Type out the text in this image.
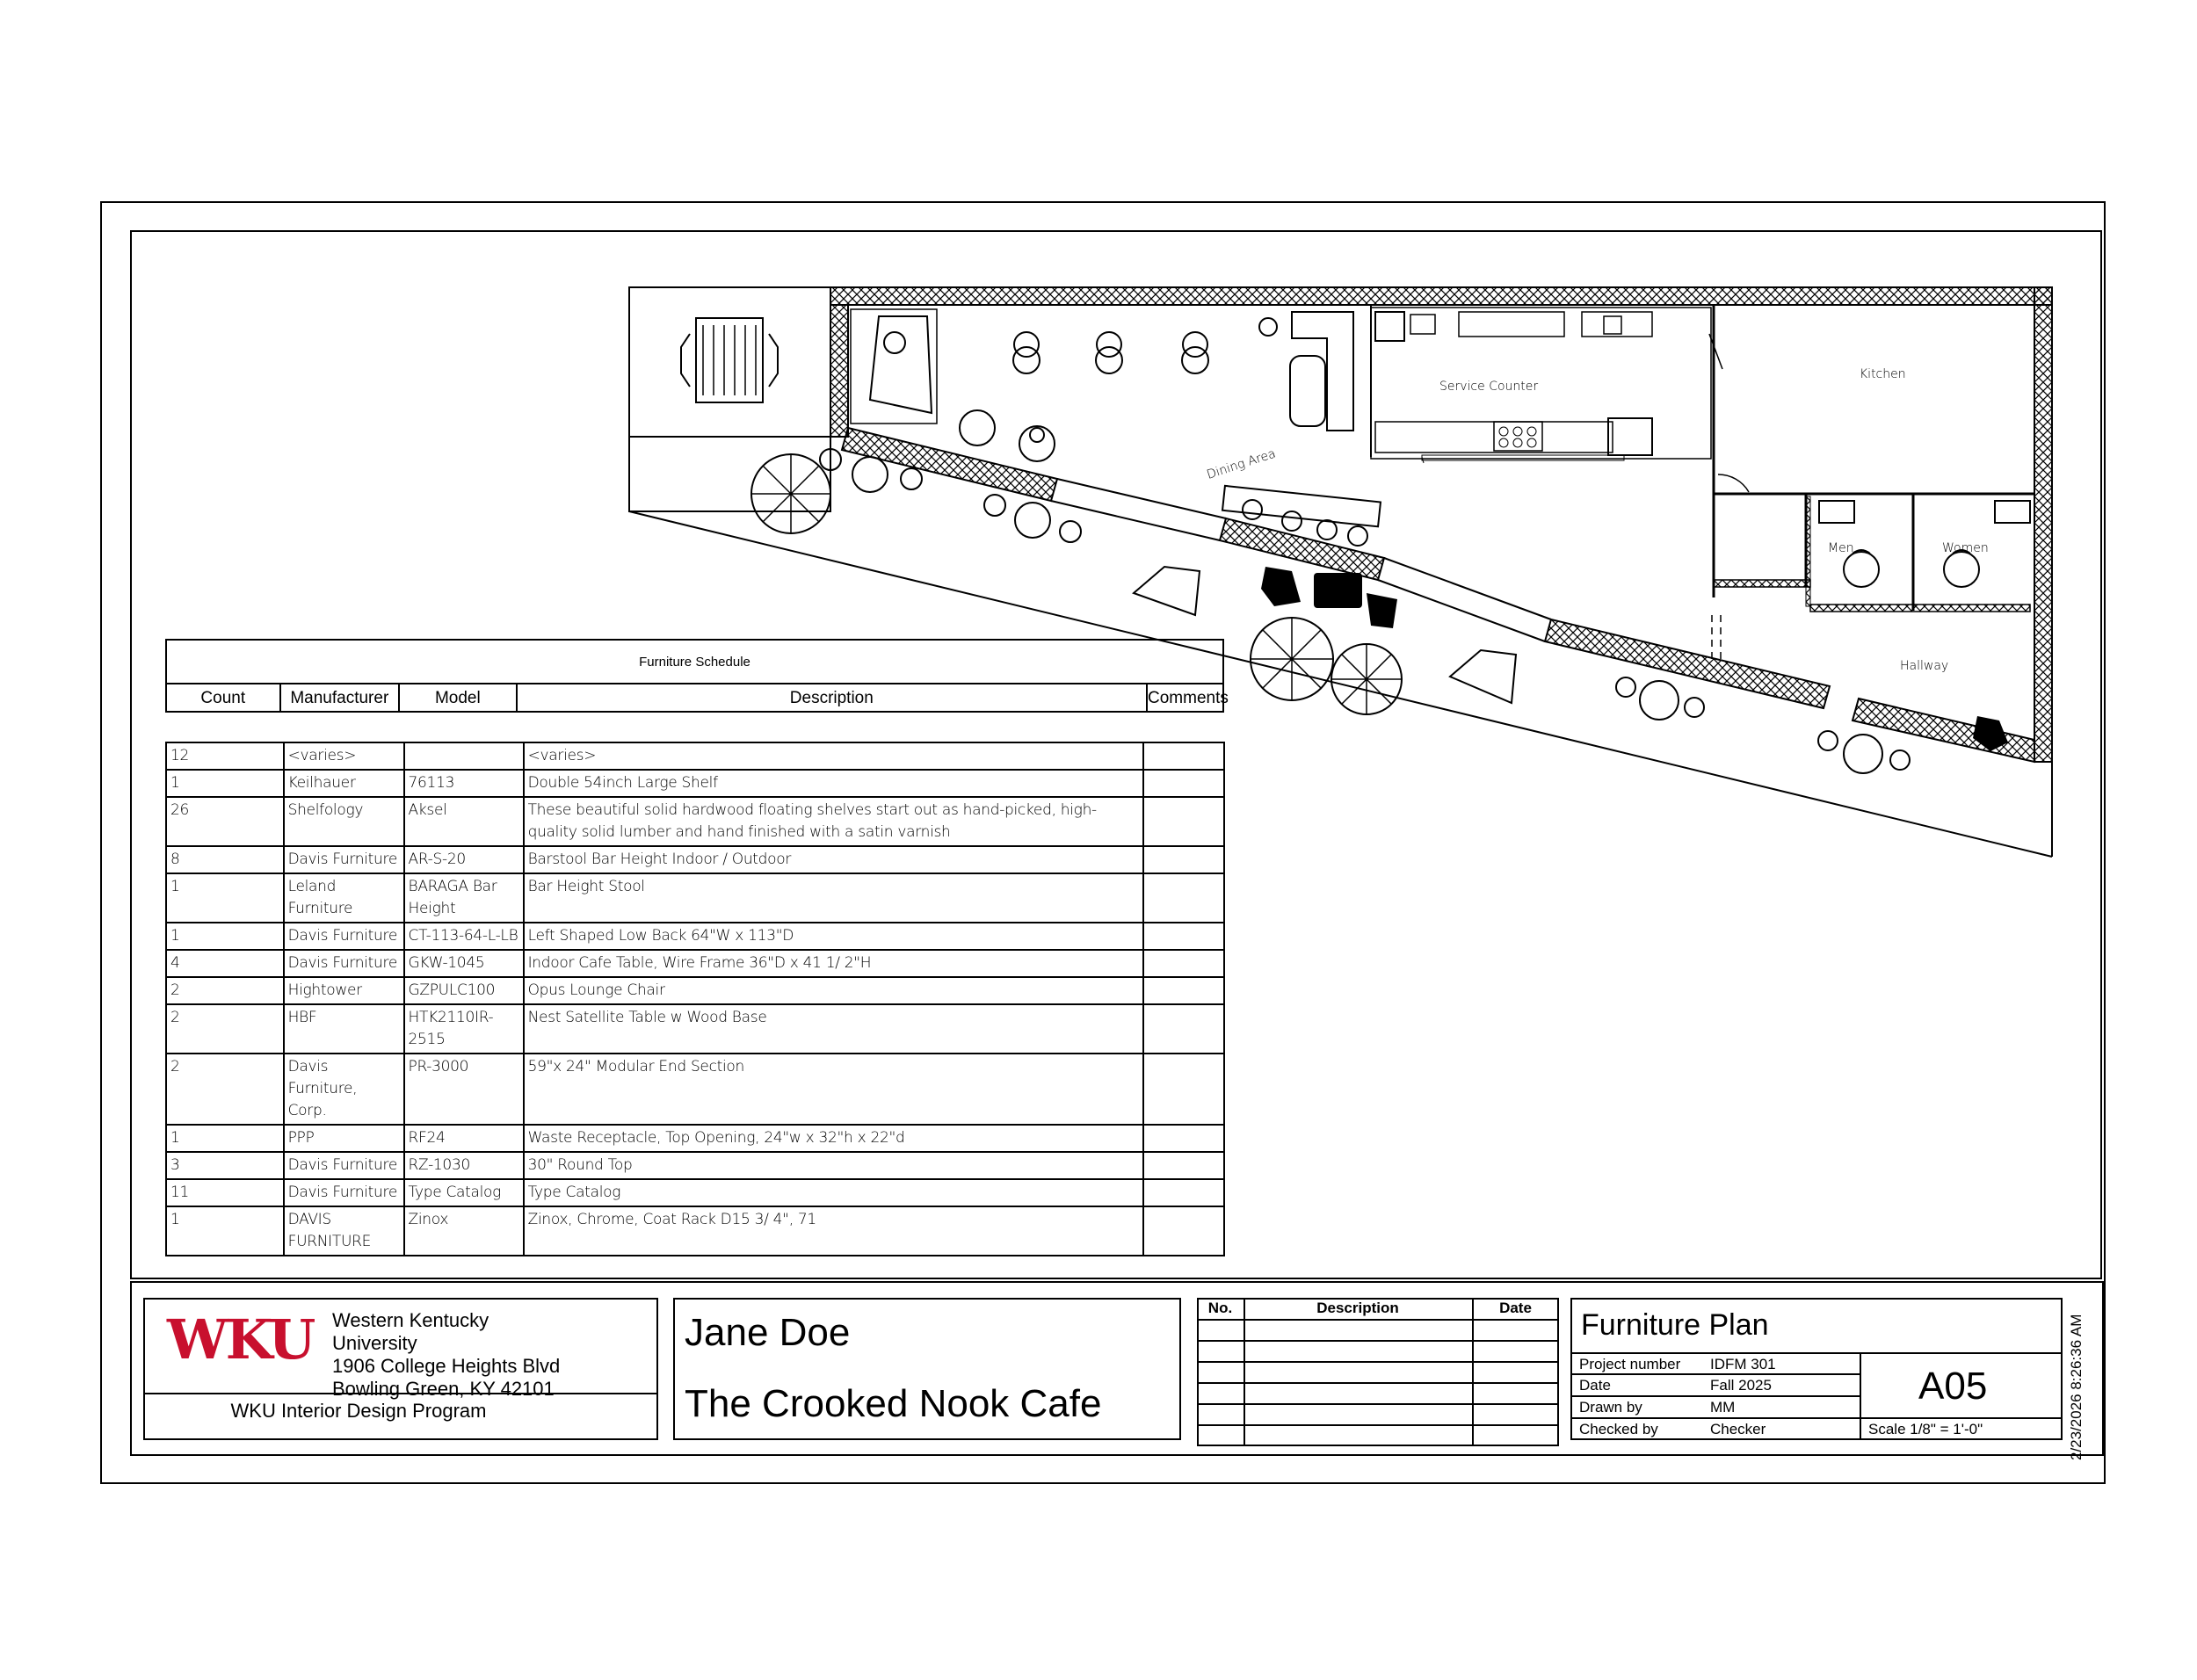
Service Counter
Kitchen
Dining Area
Men	Women
Hallway
Furniture Schedule
Count	Manufacturer	Model	Description	Comments
12	<varies>		<varies>	
1	Keilhauer	76113	Double 54inch Large Shelf	
26	Shelfology	Aksel	These beautiful solid hardwood floating shelves start out as hand-picked, high-quality solid lumber and hand finished with a satin varnish	
8	Davis Furniture	AR-S-20	Barstool Bar Height Indoor / Outdoor	
1	Leland Furniture	BARAGA Bar Height	Bar Height Stool	
1	Davis Furniture	CT-113-64-L-LB	Left Shaped Low Back 64"W x 113"D	
4	Davis Furniture	GKW-1045	Indoor Cafe Table, Wire Frame 36"D x 41 1/ 2"H	
2	Hightower	GZPULC100	Opus Lounge Chair	
2	HBF	HTK2110IR-2515	Nest Satellite Table w Wood Base	
2	Davis Furniture, Corp.	PR-3000	59"x 24" Modular End Section	
1	PPP	RF24	Waste Receptacle, Top Opening, 24"w x 32"h x 22"d	
3	Davis Furniture	RZ-1030	30" Round Top	
11	Davis Furniture	Type Catalog	Type Catalog	
1	DAVIS FURNITURE	Zinox	Zinox, Chrome, Coat Rack D15 3/ 4", 71	
WKU Western Kentucky
University
1906 College Heights Blvd
Bowling Green, KY 42101
WKU Interior Design Program
Jane Doe
The Crooked Nook Cafe
No.	Description	Date
Furniture Plan
Project number IDFM 301
Date	Fall 2025
Drawn by	MM
Checked by	Checker
A05
Scale 1/8" = 1'-0"	2/23/2026 8:26:36 AM
